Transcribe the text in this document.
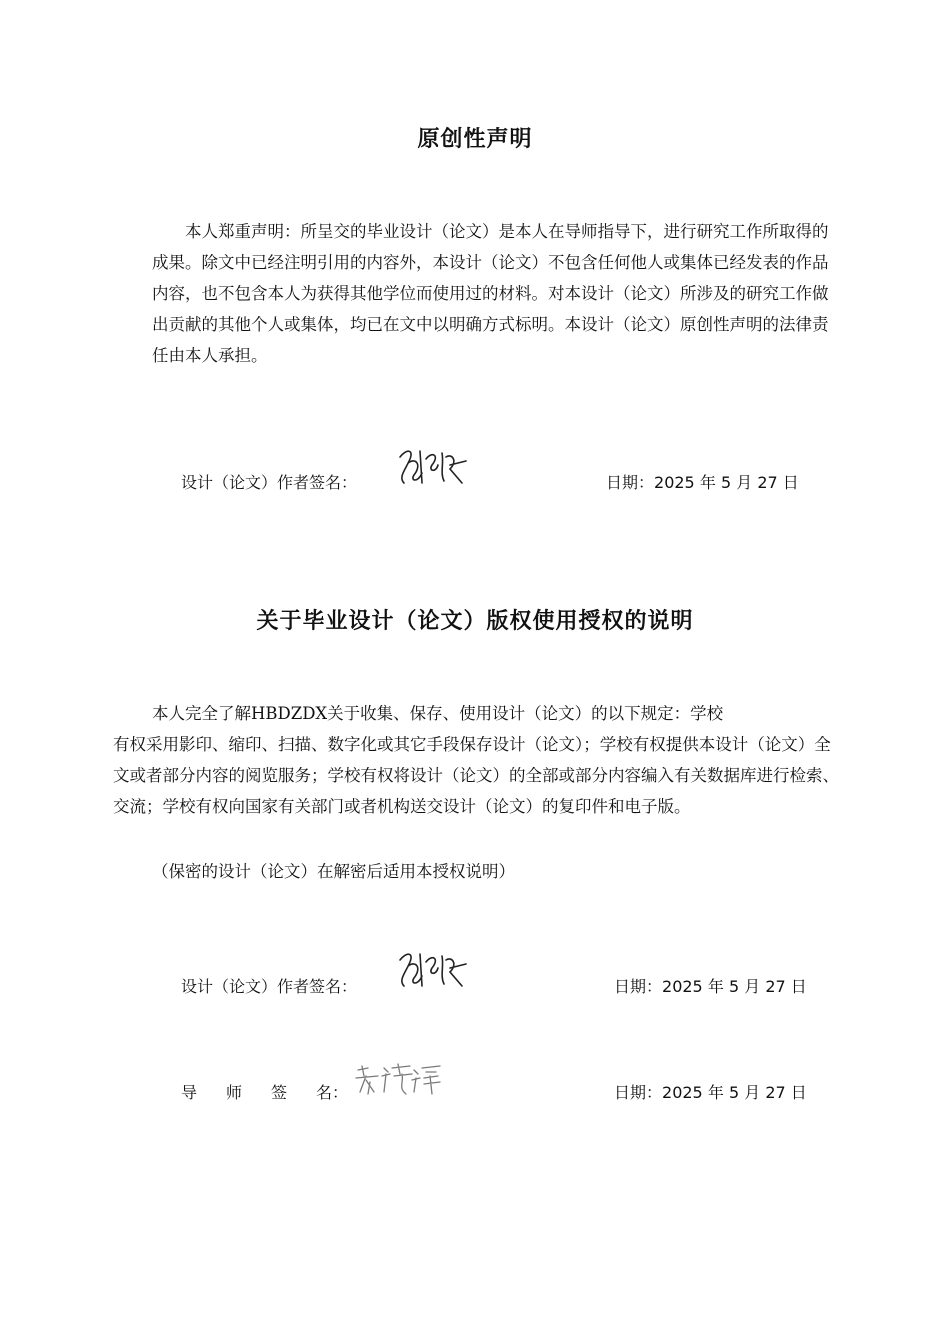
原创性声明
本人郑重声明：所呈交的毕业设计（论文）是本人在导师指导下，进行研究工作所取得的成果。除文中已经注明引用的内容外，本设计（论文）不包含任何他人或集体已经发表的作品内容，也不包含本人为获得其他学位而使用过的材料。对本设计（论文）所涉及的研究工作做出贡献的其他个人或集体，均已在文中以明确方式标明。本设计（论文）原创性声明的法律责任由本人承担。
设计（论文）作者签名：	日期：2025 年 5 月 27 日
关于毕业设计（论文）版权使用授权的说明
本人完全了解HBDZDX关于收集、保存、使用设计（论文）的以下规定：学校
有权采用影印、缩印、扫描、数字化或其它手段保存设计（论文）；学校有权提供本设计（论文）全文或者部分内容的阅览服务；学校有权将设计（论文）的全部或部分内容编入有关数据库进行检索、交流；学校有权向国家有关部门或者机构送交设计（论文）的复印件和电子版。
（保密的设计（论文）在解密后适用本授权说明）
设计（论文）作者签名：	日期：2025 年 5 月 27 日
导 师 签 名：	日期：2025 年 5 月 27 日
